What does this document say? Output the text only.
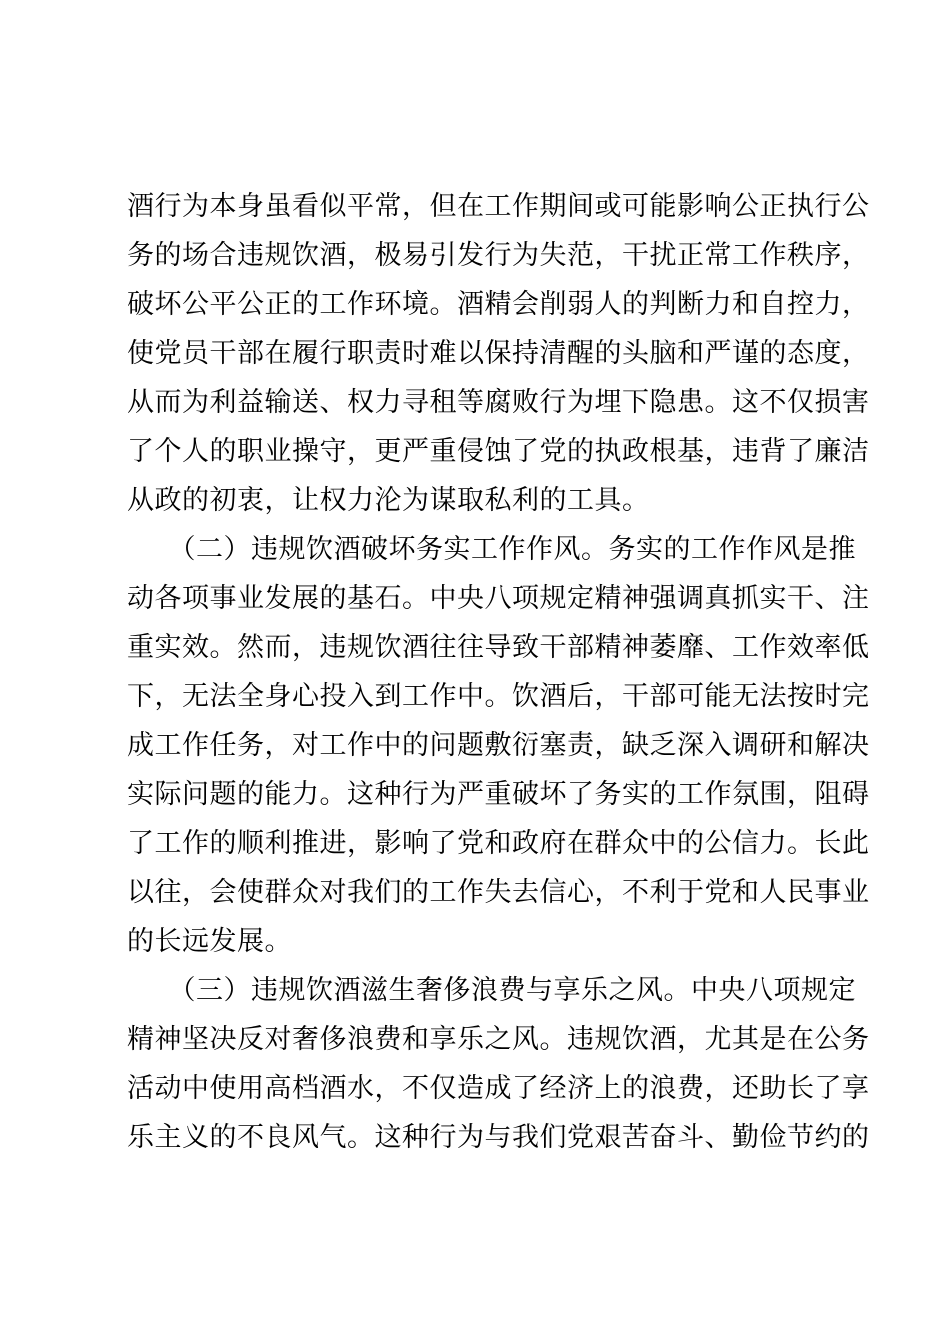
酒行为本身虽看似平常，但在工作期间或可能影响公正执行公
务的场合违规饮酒，极易引发行为失范，干扰正常工作秩序，
破坏公平公正的工作环境。酒精会削弱人的判断力和自控力，
使党员干部在履行职责时难以保持清醒的头脑和严谨的态度，
从而为利益输送、权力寻租等腐败行为埋下隐患。这不仅损害
了个人的职业操守，更严重侵蚀了党的执政根基，违背了廉洁
从政的初衷，让权力沦为谋取私利的工具。
　　（二）违规饮酒破坏务实工作作风。务实的工作作风是推
动各项事业发展的基石。中央八项规定精神强调真抓实干、注
重实效。然而，违规饮酒往往导致干部精神萎靡、工作效率低
下，无法全身心投入到工作中。饮酒后，干部可能无法按时完
成工作任务，对工作中的问题敷衍塞责，缺乏深入调研和解决
实际问题的能力。这种行为严重破坏了务实的工作氛围，阻碍
了工作的顺利推进，影响了党和政府在群众中的公信力。长此
以往，会使群众对我们的工作失去信心，不利于党和人民事业
的长远发展。
　　（三）违规饮酒滋生奢侈浪费与享乐之风。中央八项规定
精神坚决反对奢侈浪费和享乐之风。违规饮酒，尤其是在公务
活动中使用高档酒水，不仅造成了经济上的浪费，还助长了享
乐主义的不良风气。这种行为与我们党艰苦奋斗、勤俭节约的
